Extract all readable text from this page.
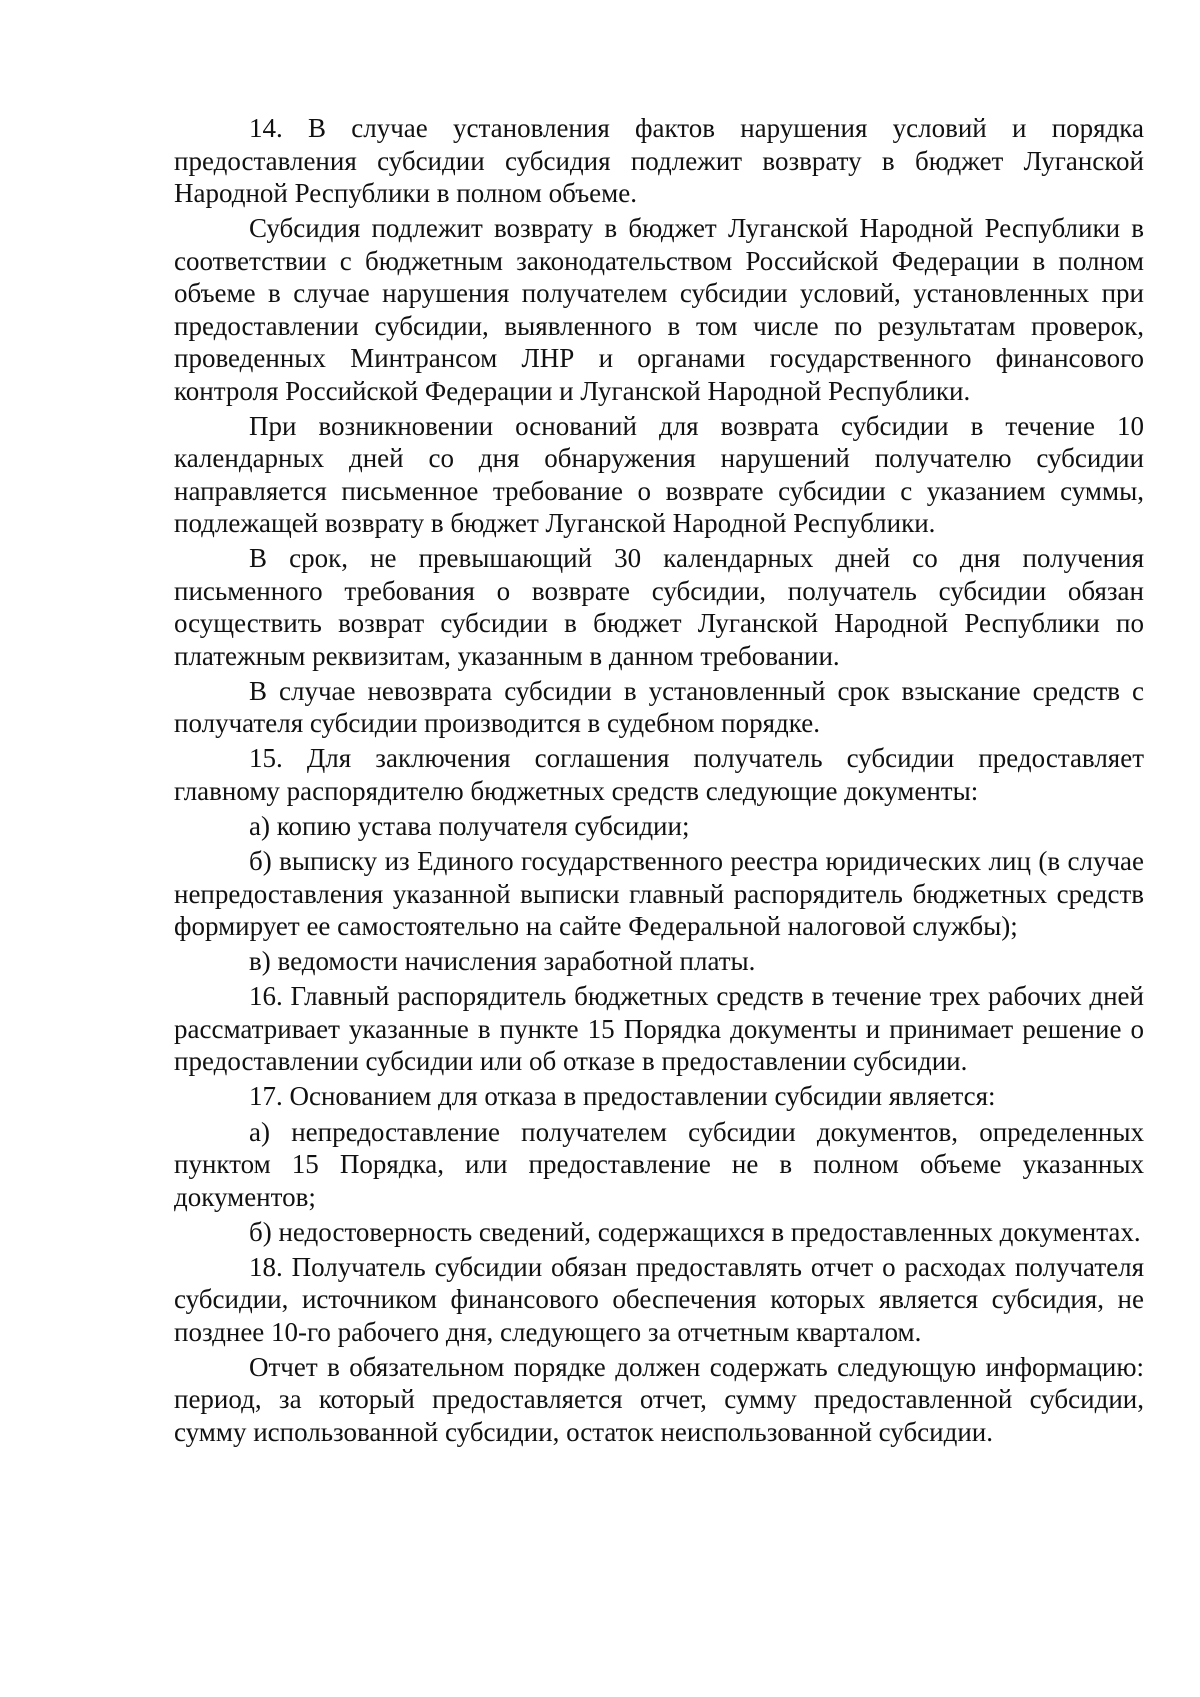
14. В случае установления фактов нарушения условий и порядка предоставления субсидии субсидия подлежит возврату в бюджет Луганской Народной Республики в полном объеме.

Субсидия подлежит возврату в бюджет Луганской Народной Республики в соответствии с бюджетным законодательством Российской Федерации в полном объеме в случае нарушения получателем субсидии условий, установленных при предоставлении субсидии, выявленного в том числе по результатам проверок, проведенных Минтрансом ЛНР и органами государственного финансового контроля Российской Федерации и Луганской Народной Республики.

При возникновении оснований для возврата субсидии в течение 10 календарных дней со дня обнаружения нарушений получателю субсидии направляется письменное требование о возврате субсидии с указанием суммы, подлежащей возврату в бюджет Луганской Народной Республики.

В срок, не превышающий 30 календарных дней со дня получения письменного требования о возврате субсидии, получатель субсидии обязан осуществить возврат субсидии в бюджет Луганской Народной Республики по платежным реквизитам, указанным в данном требовании.

В случае невозврата субсидии в установленный срок взыскание средств с получателя субсидии производится в судебном порядке.

15. Для заключения соглашения получатель субсидии предоставляет главному распорядителю бюджетных средств следующие документы:

а) копию устава получателя субсидии;

б) выписку из Единого государственного реестра юридических лиц (в случае непредоставления указанной выписки главный распорядитель бюджетных средств формирует ее самостоятельно на сайте Федеральной налоговой службы);

в) ведомости начисления заработной платы.

16. Главный распорядитель бюджетных средств в течение трех рабочих дней рассматривает указанные в пункте 15 Порядка документы и принимает решение о предоставлении субсидии или об отказе в предоставлении субсидии.

17. Основанием для отказа в предоставлении субсидии является:

а) непредоставление получателем субсидии документов, определенных пунктом 15 Порядка, или предоставление не в полном объеме указанных документов;

б) недостоверность сведений, содержащихся в предоставленных документах.

18. Получатель субсидии обязан предоставлять отчет о расходах получателя субсидии, источником финансового обеспечения которых является субсидия, не позднее 10-го рабочего дня, следующего за отчетным кварталом.

Отчет в обязательном порядке должен содержать следующую информацию: период, за который предоставляется отчет, сумму предоставленной субсидии, сумму использованной субсидии, остаток неиспользованной субсидии.
